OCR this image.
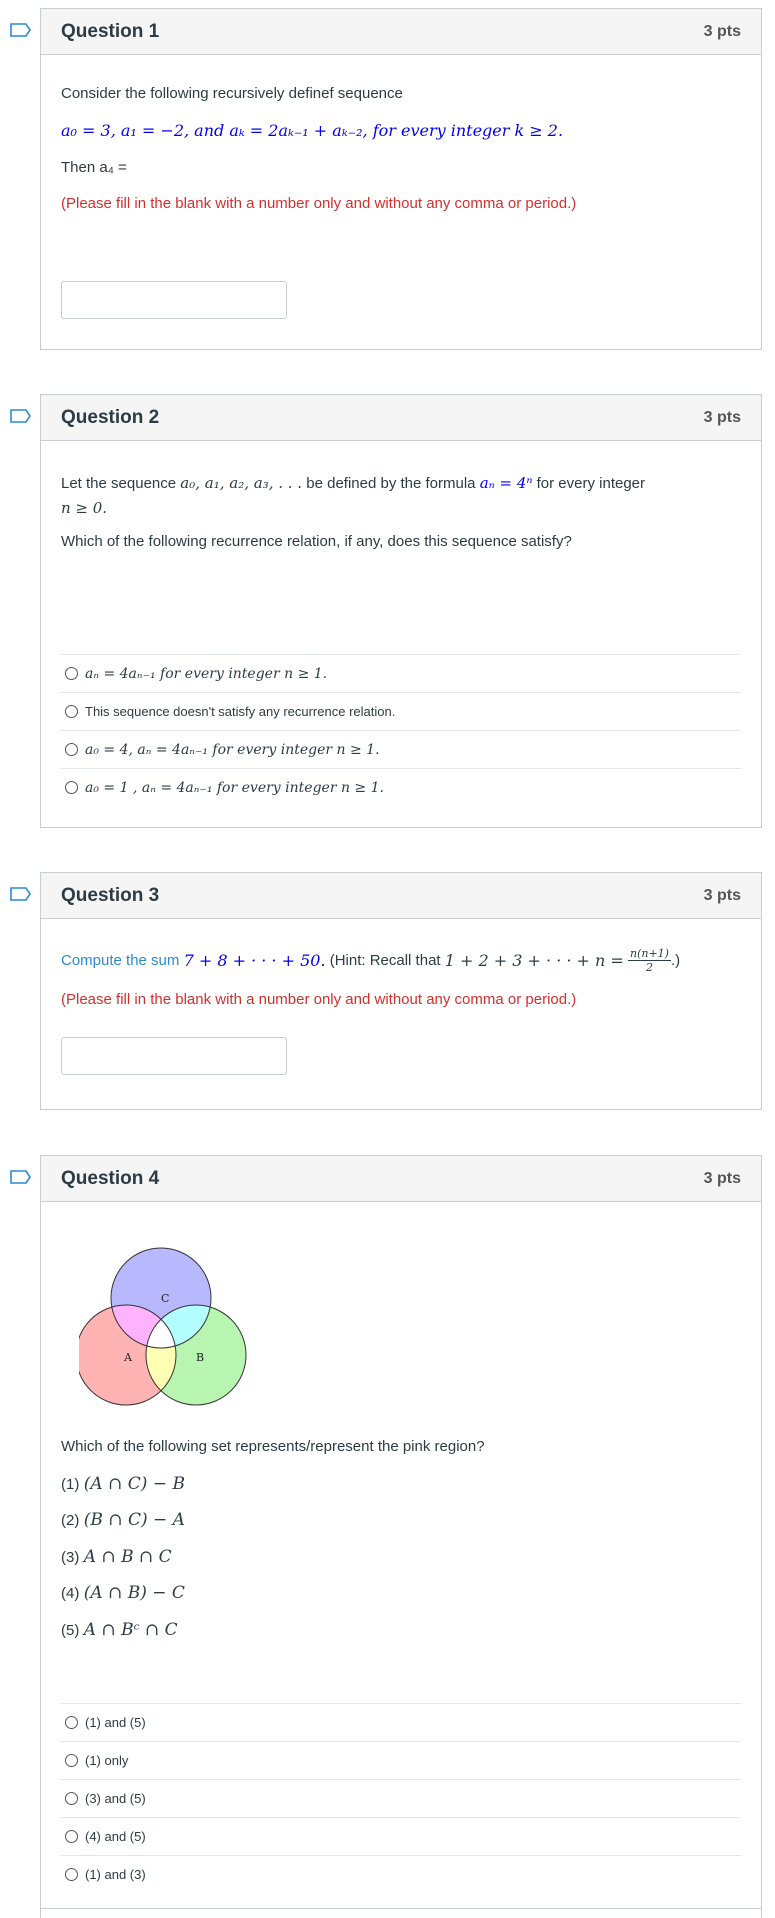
Question 1	3 pts
Consider the following recursively definef sequence
a₀ = 3, a₁ = −2, and aₖ = 2aₖ₋₁ + aₖ₋₂, for every integer k ≥ 2.
Then a₄ =
(Please fill in the blank with a number only and without any comma or period.)
Question 2	3 pts
Let the sequence a₀, a₁, a₂, a₃, . . . be defined by the formula aₙ = 4ⁿ for every integer
n ≥ 0.
Which of the following recurrence relation, if any, does this sequence satisfy?
aₙ = 4aₙ₋₁ for every integer n ≥ 1.
This sequence doesn't satisfy any recurrence relation.
a₀ = 4, aₙ = 4aₙ₋₁ for every integer n ≥ 1.
a₀ = 1 , aₙ = 4aₙ₋₁ for every integer n ≥ 1.
Question 3	3 pts
Compute the sum
7 + 8 + · · · + 50.
(Hint: Recall that
1 + 2 + 3 + · · · + n =
$\frac{n(n+1)}{2}$ .)
(Please fill in the blank with a number only and without any comma or period.)
Question 4	3 pts
A	B
C
Which of the following set represents/represent the pink region?
(1) (A ∩ C) − B
(2) (B ∩ C) − A
(3) A ∩ B ∩ C
(4) (A ∩ B) − C
(5) A ∩ Bᶜ ∩ C
(1) and (5)
(1) only
(3) and (5)
(4) and (5)
(1) and (3)
